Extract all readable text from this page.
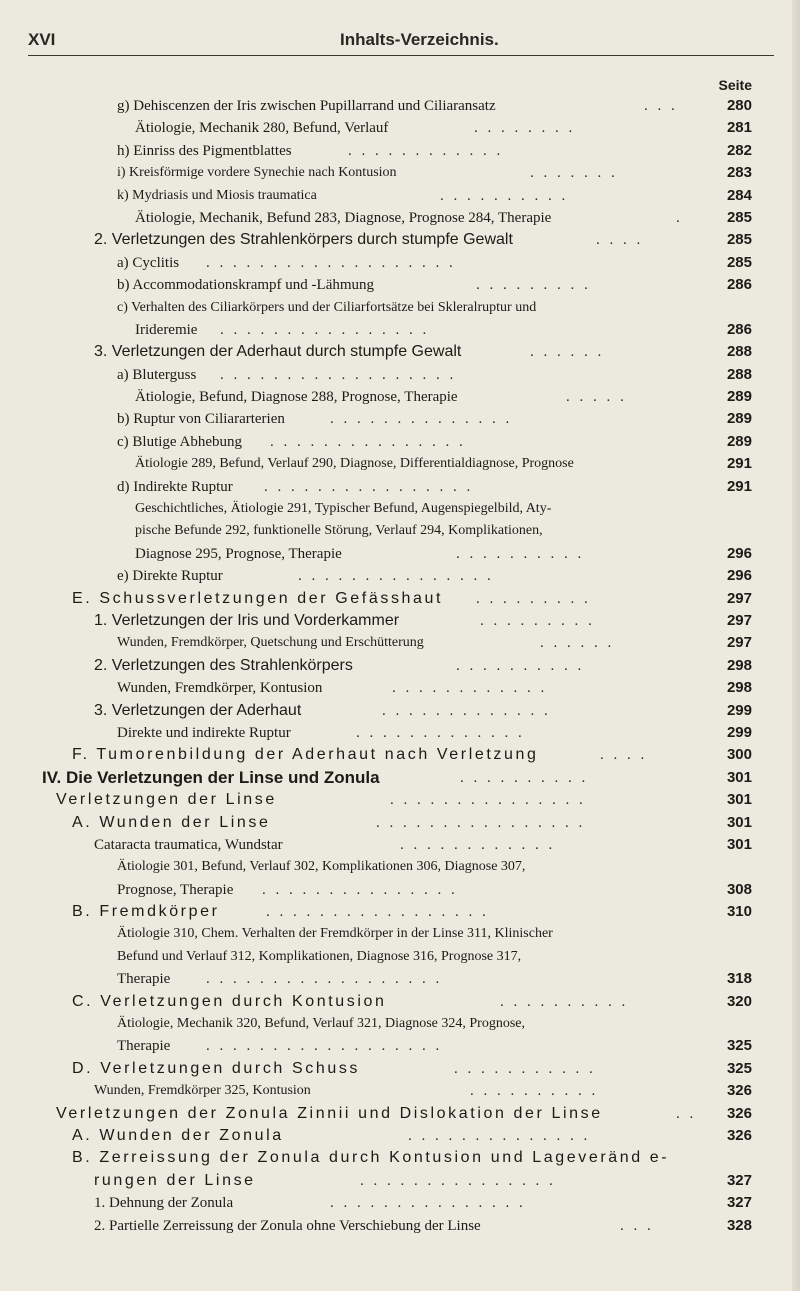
XVI	Inhalts-Verzeichnis.
Seite
g) Dehiscenzen der Iris zwischen Pupillarrand und Ciliaransatz	. . .	280
Ätiologie, Mechanik 280, Befund, Verlauf	. . . . . . . .	281
h) Einriss des Pigmentblattes	. . . . . . . . . . . .	282
i) Kreisförmige vordere Synechie nach Kontusion	. . . . . . .	283
k) Mydriasis und Miosis traumatica	. . . . . . . . . .	284
Ätiologie, Mechanik, Befund 283, Diagnose, Prognose 284, Therapie	.	285
2. Verletzungen des Strahlenkörpers durch stumpfe Gewalt	. . . .	285
a) Cyclitis . . . . . . . . . . . . . . . . . . .	285
b) Accommodationskrampf und -Lähmung	. . . . . . . . .	286
c) Verhalten des Ciliarkörpers und der Ciliarfortsätze bei Skleralruptur und
Irideremie . . . . . . . . . . . . . . . .	286
3. Verletzungen der Aderhaut durch stumpfe Gewalt	. . . . . .	288
a) Bluterguss . . . . . . . . . . . . . . . . . .	288
Ätiologie, Befund, Diagnose 288, Prognose, Therapie	. . . . .	289
b) Ruptur von Ciliararterien	. . . . . . . . . . . . . .	289
c) Blutige Abhebung . . . . . . . . . . . . . . .	289
Ätiologie 289, Befund, Verlauf 290, Diagnose, Differentialdiagnose, Prognose	291
d) Indirekte Ruptur . . . . . . . . . . . . . . . .	291
Geschichtliches, Ätiologie 291, Typischer Befund, Augenspiegelbild, Aty-
pische Befunde 292, funktionelle Störung, Verlauf 294, Komplikationen,
Diagnose 295, Prognose, Therapie	. . . . . . . . . .	296
e) Direkte Ruptur	. . . . . . . . . . . . . . .	296
E. Schussverletzungen der Gefässhaut . . . . . . . . .	297
1. Verletzungen der Iris und Vorderkammer	. . . . . . . . .	297
Wunden, Fremdkörper, Quetschung und Erschütterung	. . . . . .	297
2. Verletzungen des Strahlenkörpers	. . . . . . . . . .	298
Wunden, Fremdkörper, Kontusion	. . . . . . . . . . . .	298
3. Verletzungen der Aderhaut	. . . . . . . . . . . . .	299
Direkte und indirekte Ruptur	. . . . . . . . . . . . .	299
F. Tumorenbildung der Aderhaut nach Verletzung	. . . .	300
IV. Die Verletzungen der Linse und Zonula	. . . . . . . . . .	301
Verletzungen der Linse	. . . . . . . . . . . . . . .	301
A. Wunden der Linse	. . . . . . . . . . . . . . . .	301
Cataracta traumatica, Wundstar	. . . . . . . . . . . .	301
Ätiologie 301, Befund, Verlauf 302, Komplikationen 306, Diagnose 307,
Prognose, Therapie . . . . . . . . . . . . . . .	308
B. Fremdkörper	. . . . . . . . . . . . . . . . .	310
Ätiologie 310, Chem. Verhalten der Fremdkörper in der Linse 311, Klinischer
Befund und Verlauf 312, Komplikationen, Diagnose 316, Prognose 317,
Therapie . . . . . . . . . . . . . . . . . .	318
C. Verletzungen durch Kontusion	. . . . . . . . . .	320
Ätiologie, Mechanik 320, Befund, Verlauf 321, Diagnose 324, Prognose,
Therapie . . . . . . . . . . . . . . . . . .	325
D. Verletzungen durch Schuss	. . . . . . . . . . .	325
Wunden, Fremdkörper 325, Kontusion	. . . . . . . . . .	326
Verletzungen der Zonula Zinnii und Dislokation der Linse	. .	326
A. Wunden der Zonula	. . . . . . . . . . . . . .	326
B. Zerreissung der Zonula durch Kontusion und Lageveränd e-
rungen der Linse	. . . . . . . . . . . . . . .	327
1. Dehnung der Zonula	. . . . . . . . . . . . . . .	327
2. Partielle Zerreissung der Zonula ohne Verschiebung der Linse	. . .	328
